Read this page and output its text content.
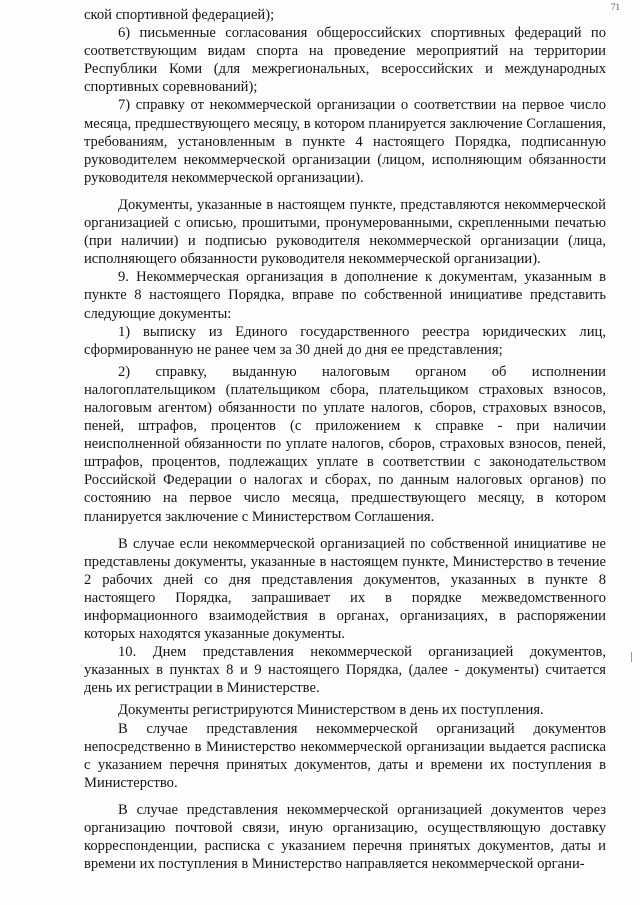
71

ской спортивной федерацией);

6) письменные согласования общероссийских спортивных федераций по соответствующим видам спорта на проведение мероприятий на территории Республики Коми (для межрегиональных, всероссийских и международных спортивных соревнований);

7) справку от некоммерческой организации о соответствии на первое число месяца, предшествующего месяцу, в котором планируется заключение Соглашения, требованиям, установленным в пункте 4 настоящего Порядка, подписанную руководителем некоммерческой организации (лицом, исполняющим обязанности руководителя некоммерческой организации).

Документы, указанные в настоящем пункте, представляются некоммерческой организацией с описью, прошитыми, пронумерованными, скрепленными печатью (при наличии) и подписью руководителя некоммерческой организации (лица, исполняющего обязанности руководителя некоммерческой организации).

9. Некоммерческая организация в дополнение к документам, указанным в пункте 8 настоящего Порядка, вправе по собственной инициативе представить следующие документы:

1) выписку из Единого государственного реестра юридических лиц, сформированную не ранее чем за 30 дней до дня ее представления;

2) справку, выданную налоговым органом об исполнении налогоплательщиком (плательщиком сбора, плательщиком страховых взносов, налоговым агентом) обязанности по уплате налогов, сборов, страховых взносов, пеней, штрафов, процентов (с приложением к справке - при наличии неисполненной обязанности по уплате налогов, сборов, страховых взносов, пеней, штрафов, процентов, подлежащих уплате в соответствии с законодательством Российской Федерации о налогах и сборах, по данным налоговых органов) по состоянию на первое число месяца, предшествующего месяцу, в котором планируется заключение с Министерством Соглашения.

В случае если некоммерческой организацией по собственной инициативе не представлены документы, указанные в настоящем пункте, Министерство в течение 2 рабочих дней со дня представления документов, указанных в пункте 8 настоящего Порядка, запрашивает их в порядке межведомственного информационного взаимодействия в органах, организациях, в распоряжении которых находятся указанные документы.

10. Днем представления некоммерческой организацией документов, указанных в пунктах 8 и 9 настоящего Порядка, (далее - документы) считается день их регистрации в Министерстве.

Документы регистрируются Министерством в день их поступления.

В случае представления некоммерческой организаций документов непосредственно в Министерство некоммерческой организации выдается расписка с указанием перечня принятых документов, даты и времени их поступления в Министерство.

В случае представления некоммерческой организацией документов через организацию почтовой связи, иную организацию, осуществляющую доставку корреспонденции, расписка с указанием перечня принятых документов, даты и времени их поступления в Министерство направляется некоммерческой органи-
